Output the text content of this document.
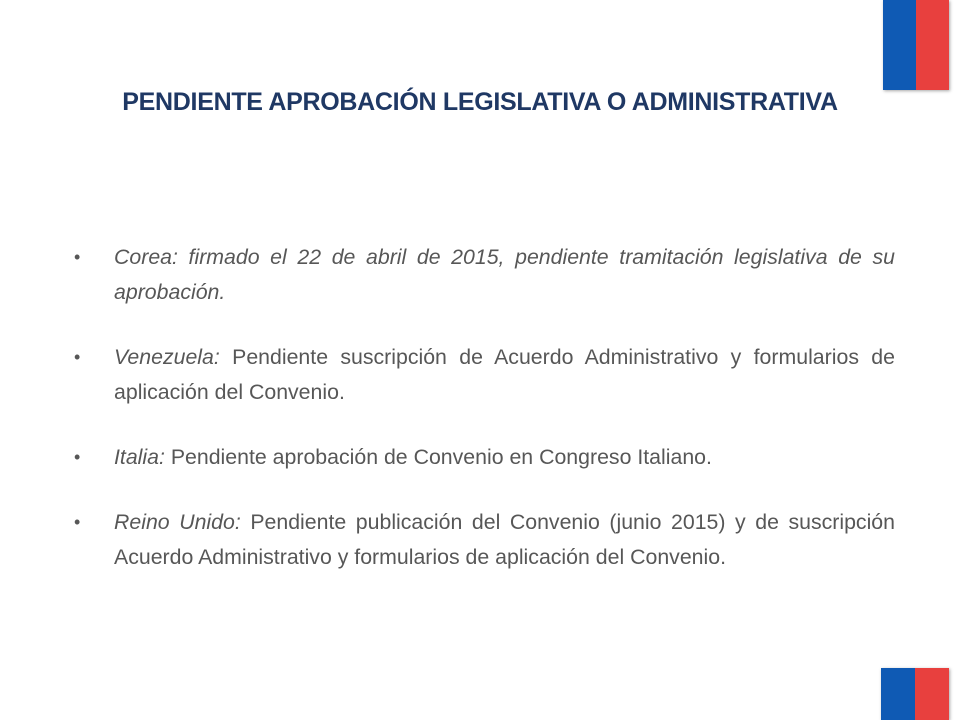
PENDIENTE APROBACIÓN LEGISLATIVA O ADMINISTRATIVA
• Corea: firmado el 22 de abril de 2015, pendiente tramitación legislativa de su aprobación.
• Venezuela: Pendiente suscripción de Acuerdo Administrativo y formularios de aplicación del Convenio.
• Italia: Pendiente aprobación de Convenio en Congreso Italiano.
• Reino Unido: Pendiente publicación del Convenio (junio 2015) y de suscripción Acuerdo Administrativo y formularios de aplicación del Convenio.
